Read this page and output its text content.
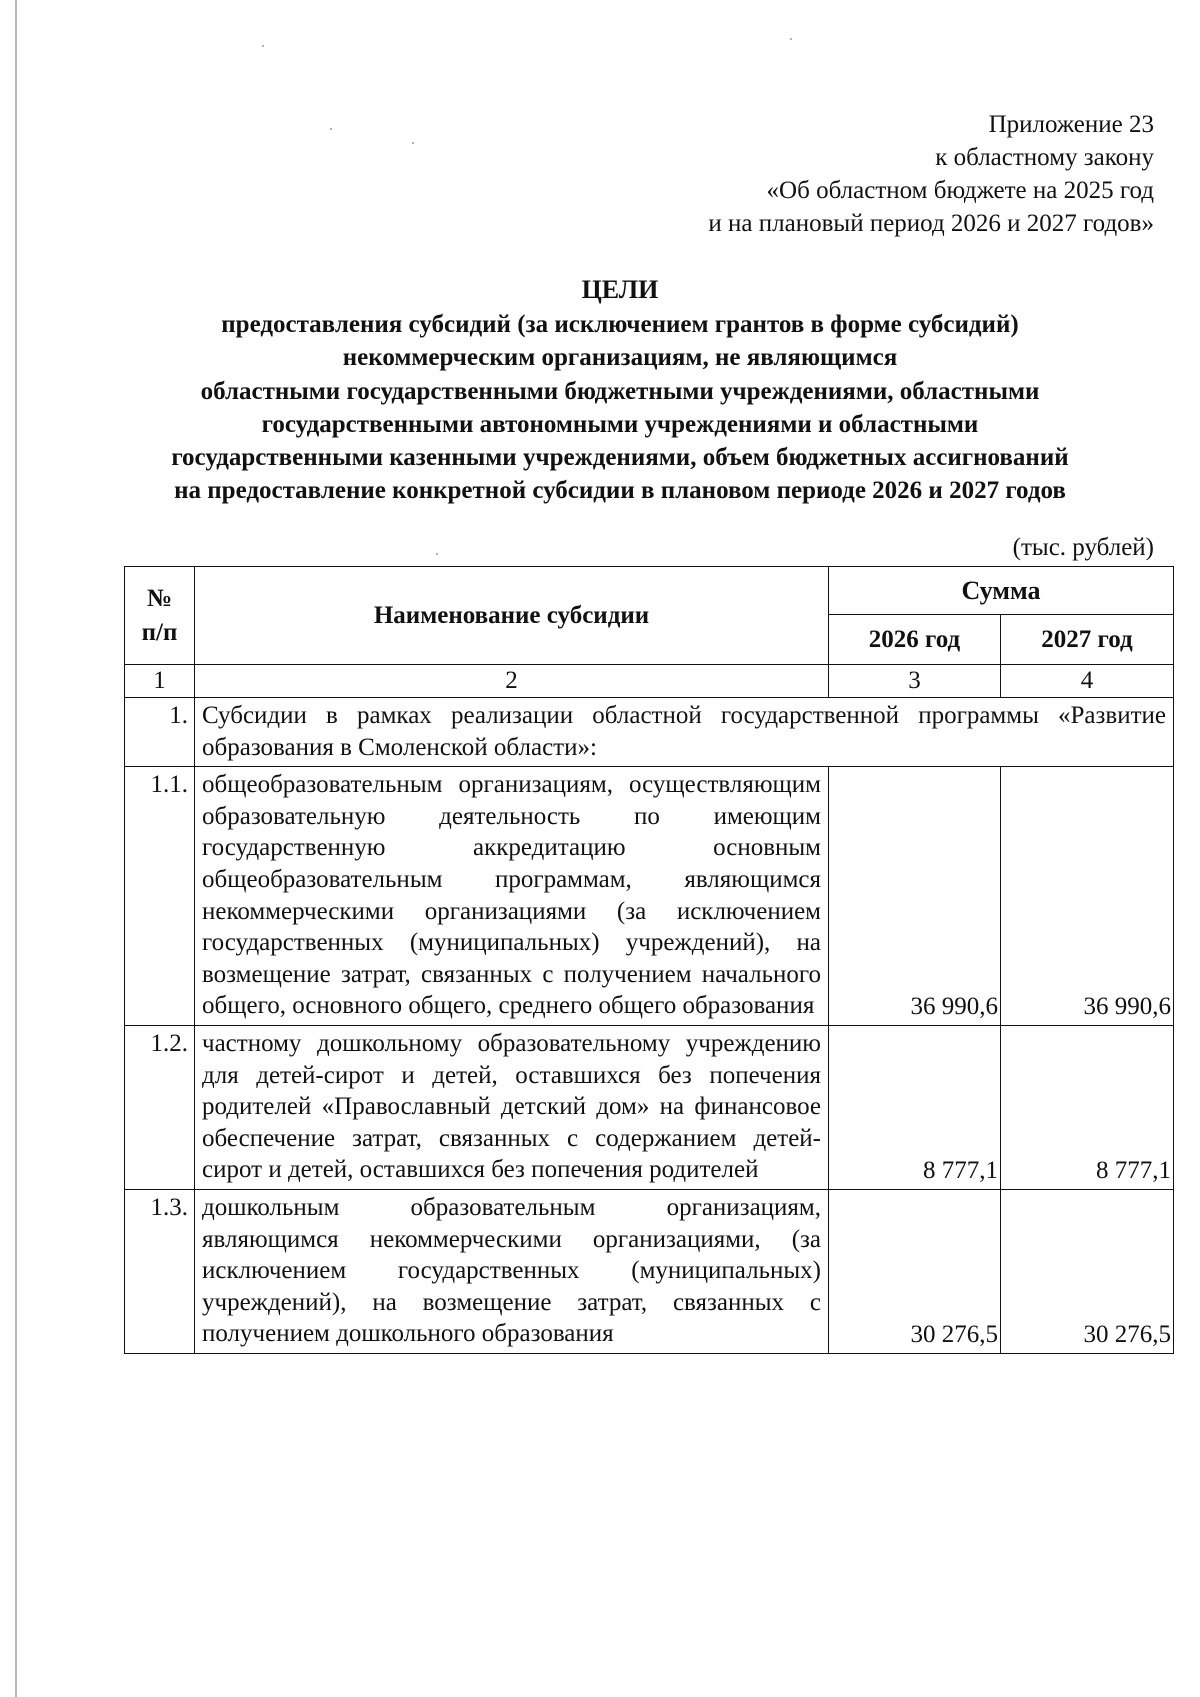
Приложение 23
к областному закону
«Об областном бюджете на 2025 год
и на плановый период 2026 и 2027 годов»
ЦЕЛИ
предоставления субсидий (за исключением грантов в форме субсидий)
некоммерческим организациям, не являющимся
областными государственными бюджетными учреждениями, областными
государственными автономными учреждениями и областными
государственными казенными учреждениями, объем бюджетных ассигнований
на предоставление конкретной субсидии в плановом периоде 2026 и 2027 годов
(тыс. рублей)
№
п/п	Наименование субсидии	Сумма	
		2026 год	2027 год
1	2	3	4
1.	Субсидии в рамках реализации областной государственной программы «Развитие образования в Смоленской области»:		
1.1.	общеобразовательным организациям, осуществляющим образовательную деятельность по имеющим государственную аккредитацию основным общеобразовательным программам, являющимся некоммерческими организациями (за исключением государственных (муниципальных) учреждений), на возмещение затрат, связанных с получением начального общего, основного общего, среднего общего образования	36 990,6	36 990,6
1.2.	частному дошкольному образовательному учреждению для детей-сирот и детей, оставшихся без попечения родителей «Православный детский дом» на финансовое обеспечение затрат, связанных с содержанием детей-сирот и детей, оставшихся без попечения родителей	8 777,1	8 777,1
1.3.	дошкольным образовательным организациям, являющимся некоммерческими организациями, (за исключением государственных (муниципальных) учреждений), на возмещение затрат, связанных с получением дошкольного образования	30 276,5	30 276,5
